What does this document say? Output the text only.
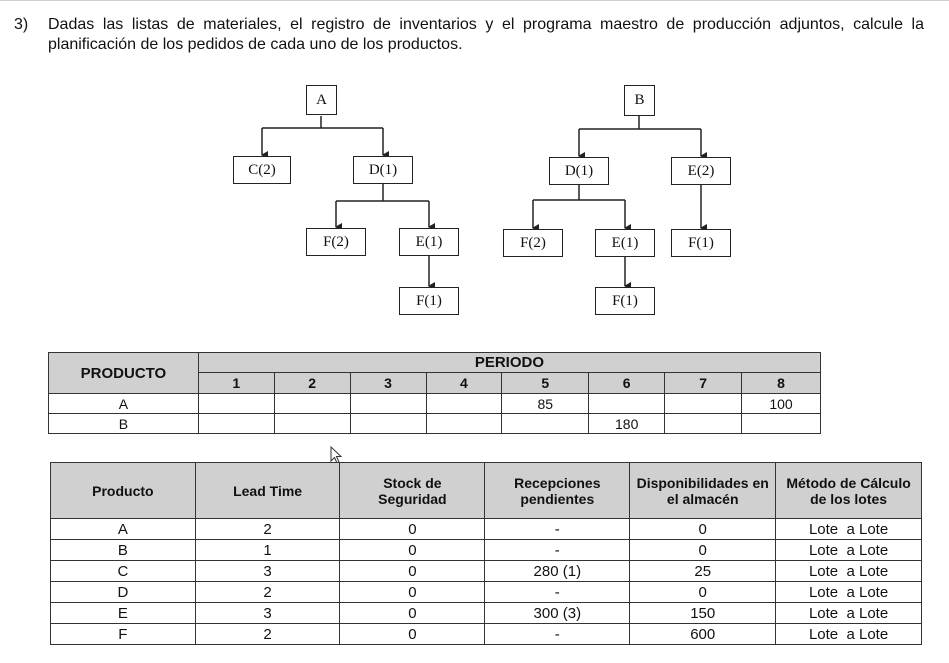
3) Dadas las listas de materiales, el registro de inventarios y el programa maestro de producción adjuntos, calcule la planificación de los pedidos de cada uno de los productos.
A
C(2)	D(1)
F(2)	E(1)
F(1)
B
D(1)	E(2)
F(2)	E(1)	F(1)
F(1)
PRODUCTO	PERIODO							
	1	2	3	4	5	6	7	8
A					85			100
B						180		
Producto	Lead Time	Stock de Seguridad	Recepciones pendientes	Disponibilidades en el almacén	Método de Cálculo de los lotes
A	2	0	-	0	Lote  a Lote
B	1	0	-	0	Lote  a Lote
C	3	0	280 (1)	25	Lote  a Lote
D	2	0	-	0	Lote  a Lote
E	3	0	300 (3)	150	Lote  a Lote
F	2	0	-	600	Lote  a Lote
